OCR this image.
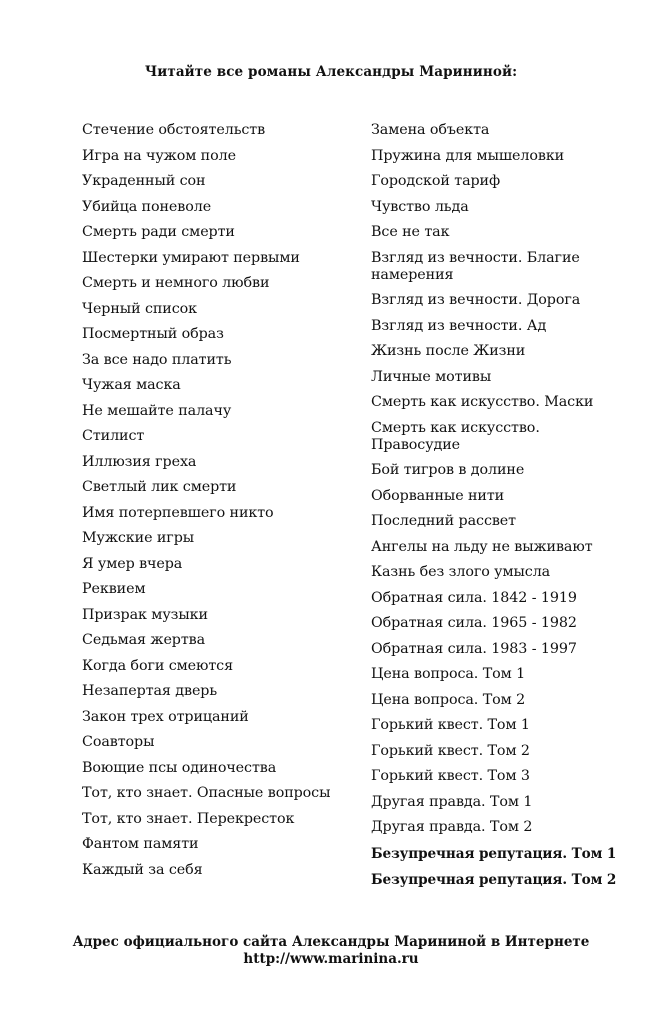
Читайте все романы Александры Марининой:
Стечение обстоятельств
Игра на чужом поле
Украденный сон
Убийца поневоле
Смерть ради смерти
Шестерки умирают первыми
Смерть и немного любви
Черный список
Посмертный образ
За все надо платить
Чужая маска
Не мешайте палачу
Стилист
Иллюзия греха
Светлый лик смерти
Имя потерпевшего никто
Мужские игры
Я умер вчера
Реквием
Призрак музыки
Седьмая жертва
Когда боги смеются
Незапертая дверь
Закон трех отрицаний
Соавторы
Воющие псы одиночества
Тот, кто знает. Опасные вопросы
Тот, кто знает. Перекресток
Фантом памяти
Каждый за себя
Замена объекта
Пружина для мышеловки
Городской тариф
Чувство льда
Все не так
Взгляд из вечности. Благие намерения
Взгляд из вечности. Дорога
Взгляд из вечности. Ад
Жизнь после Жизни
Личные мотивы
Смерть как искусство. Маски
Смерть как искусство. Правосудие
Бой тигров в долине
Оборванные нити
Последний рассвет
Ангелы на льду не выживают
Казнь без злого умысла
Обратная сила. 1842 - 1919
Обратная сила. 1965 - 1982
Обратная сила. 1983 - 1997
Цена вопроса. Том 1
Цена вопроса. Том 2
Горький квест. Том 1
Горький квест. Том 2
Горький квест. Том 3
Другая правда. Том 1
Другая правда. Том 2
Безупречная репутация. Том 1
Безупречная репутация. Том 2
Адрес официального сайта Александры Марининой в Интернете
http://www.marinina.ru
